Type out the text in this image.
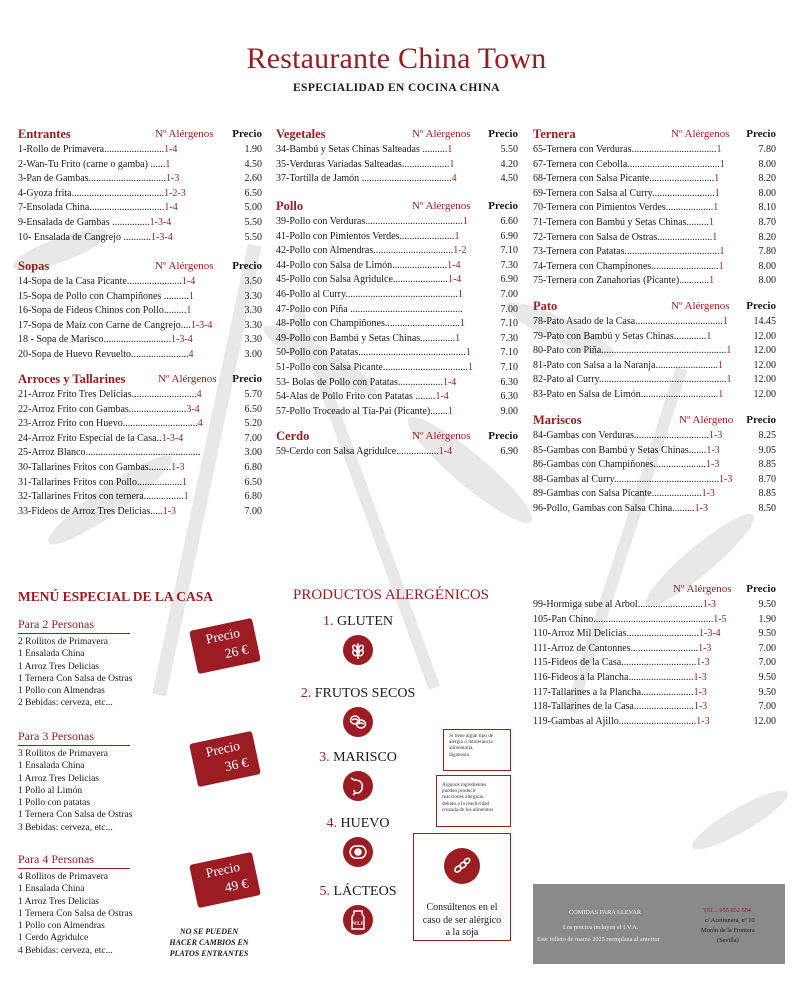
Restaurante China Town
ESPECIALIDAD EN COCINA CHINA
Entrantes	Nº Alérgenos Precio
1-Rollo de Primavera........................1-4	1.90
2-Wan-Tu Frito (carne o gamba) ......1	4.50
3-Pan de Gambas...............................1-3	2.60
4-Gyoza frita.....................................1-2-3	6.50
7-Ensolada China..............................1-4	5.00
9-Ensalada de Gambas ...............1-3-4	5.50
10- Ensalada de Cangrejo ...........1-3-4	5.50
Sopas	Nº Alérgenos Precio
14-Sopa de la Casa Picante......................1-4	3.50
15-Sopa de Pollo con Champiñones ..........1	3.30
16-Sopa de Fideos Chinos con Pollo.........1	3.30
17-Sopa de Maíz con Carne de Cangrejo....1-3-4	3.30
18 - Sopa de Marisco...........................1-3-4	3.30
20-Sopa de Huevo Revuelto.......................4	3.00
Arroces y Tallarines	Nº Alérgenos Precio
21-Arroz Frito Tres Delicias..........................4	5.70
22-Arroz Frito con Gambas.......................3-4	6.50
23-Arroz Frito con Huevo..............................4	5.20
24-Arroz Frito Especial de la Casa..1-3-4	7.00
25-Arroz Blanco..............................................	3.00
30-Tallarines Fritos con Gambas.........1-3	6.80
31-Tallarines Fritos con Pollo..................1	6.50
32-Tallarines Fritos con ternera................1	6.80
33-Fideos de Arroz Tres Delicias.....1-3	7.00
Vegetales	Nº Alérgenos Precio
34-Bambú y Setas Chinas Salteadas ..........1	5.50
35-Verduras Variadas Salteadas...................1	4.20
37-Tortilla de Jamón ....................................4	4.50
Pollo	Nº Alérgenos Precio
39-Pollo con Verduras.......................................1	6.60
41-Pollo con Pimientos Verdes......................1	6.90
42-Pollo con Almendras................................1-2	7.10
44-Pollo con Salsa de Limón......................1-4	7.30
45-Pollo con Salsa Agridulce......................1-4	6.90
46-Pollo al Curry.............................................1	7.00
47-Pollo con Piña .............................................	7.00
48-Pollo con Champiñones..............................1	7.10
49-Pollo con Bambú y Setas Chinas..............1	7.30
50-Pollo con Patatas...........................................1	7.10
51-Pollo con Salsa Picante..................................1	7.10
53- Bolas de Pollo con Patatas..................1-4	6.30
54-Alas de Pollo Frito con Patatas ........1-4	6.30
57-Pollo Troceado al Tía-Pai (Picante).......1	9.00
Cerdo	Nº Alérgenos Precio
59-Cerdo con Salsa Agridulce.................1-4	6.90
Ternera	Nº Alérgenos Precio
65-Ternera con Verduras..................................1	7.80
67-Ternera con Cebolla.....................................1	8.00
68-Ternera con Salsa Picante..........................1	8.20
69-Ternera con Salsa al Curry.........................1	8.00
70-Ternera con Pimientos Verdes...................1	8.10
71-Ternera con Bambú y Setas Chinas.........1	8.70
72-Ternera con Salsa de Ostras......................1	8.20
73-Ternera con Patatas......................................1	7.80
74-Ternera con Champinones...........................1	8.00
75-Ternera con Zanahorias (Picante)............1	8.00
Pato	Nº Alérgenos Precio
78-Pato Asado de la Casa...................................1	14.45
79-Pato con Bambú y Setas Chinas.............1	12.00
80-Pato con Piña..................................................1 12.00
81-Pato con Salsa a la Naranja.........................1	12.00
82-Pato al Curry...................................................1 12.00
83-Pato en Salsa de Limón...............................1	12.00
Mariscos	Nº Alérgeno Precio
84-Gambas con Verduras..............................1-3	8.25
85-Gambas con Bambú y Setas Chinas.......1-3	9.05
86-Gambas con Champiñones.....................1-3	8.85
88-Gambas al Curry..........................................1-3	8.70
89-Gambas con Salsa Picante....................1-3	8.85
96-Pollo, Gambas con Salsa China.........1-3	8.50
Nº Alérgenos Precio
99-Hormiga sube al Arbol..........................1-3	9.50
105-Pan Chino................................................1-5	1.90
110-Arroz Mil Delicias.............................1-3-4	9.50
111-Arroz de Cantonnes...........................1-3	7.00
115-Fideos de la Casa..............................1-3	7.00
116-Fideos a la Plancha..........................1-3	9.50
117-Tallarines a la Plancha.....................1-3	9.50
118-Tallarines de la Casa........................1-3	7.00
119-Gambas al Ajillo...............................1-3	12.00
MENÚ ESPECIAL DE LA CASA
Para 2 Personas
2 Rollitos de Primavera
1 Ensalada China
1 Arroz Tres Delicias
1 Ternera Con Salsa de Ostras
1 Pollo con Almendras
2 Bebidas: cerveza, etc...
Precio
26 €
Para 3 Personas
3 Rollitos de Primavera
1 Ensalada China
1 Arroz Tres Delicias
1 Pollo al Limón
1 Pollo con patatas
1 Ternera Con Salsa de Ostras
3 Bebidas: cerveza, etc...
Precio
36 €
Para 4 Personas
4 Rollitos de Primavera
1 Ensalada China
1 Arroz Tres Delicias
1 Ternera Con Salsa de Ostras
1 Pollo con Almendras
1 Cerdo Agridulce
4 Bebidas: cerveza, etc...
Precio
49 €
NO SE PUEDEN
HACER CAMBIOS EN
PLATOS ENTRANTES
PRODUCTOS ALERGÉNICOS
1. GLUTEN
2. FRUTOS SECOS
3. MARISCO
4. HUEVO
5. LÁCTEOS
MILK
Si tiene algún tipo de
alergia ó intolerancia
alimentaria,
díganoslo.
Algunos ingredientes
pueden producir
reacciones alérgicas
debido a la reactividad
cruzada de los alimentos
Consúltenos en el caso de ser alérgico a la soja
COMIDAS PARA LLEVAR
Los precios incluyen el I.V.A.
Este folleto de marzo 2025 reemplaza al anterior
TEL.: 955 852 584
c/ Aceitunera, nº 10
Morón de la Frontera
(Sevilla)
